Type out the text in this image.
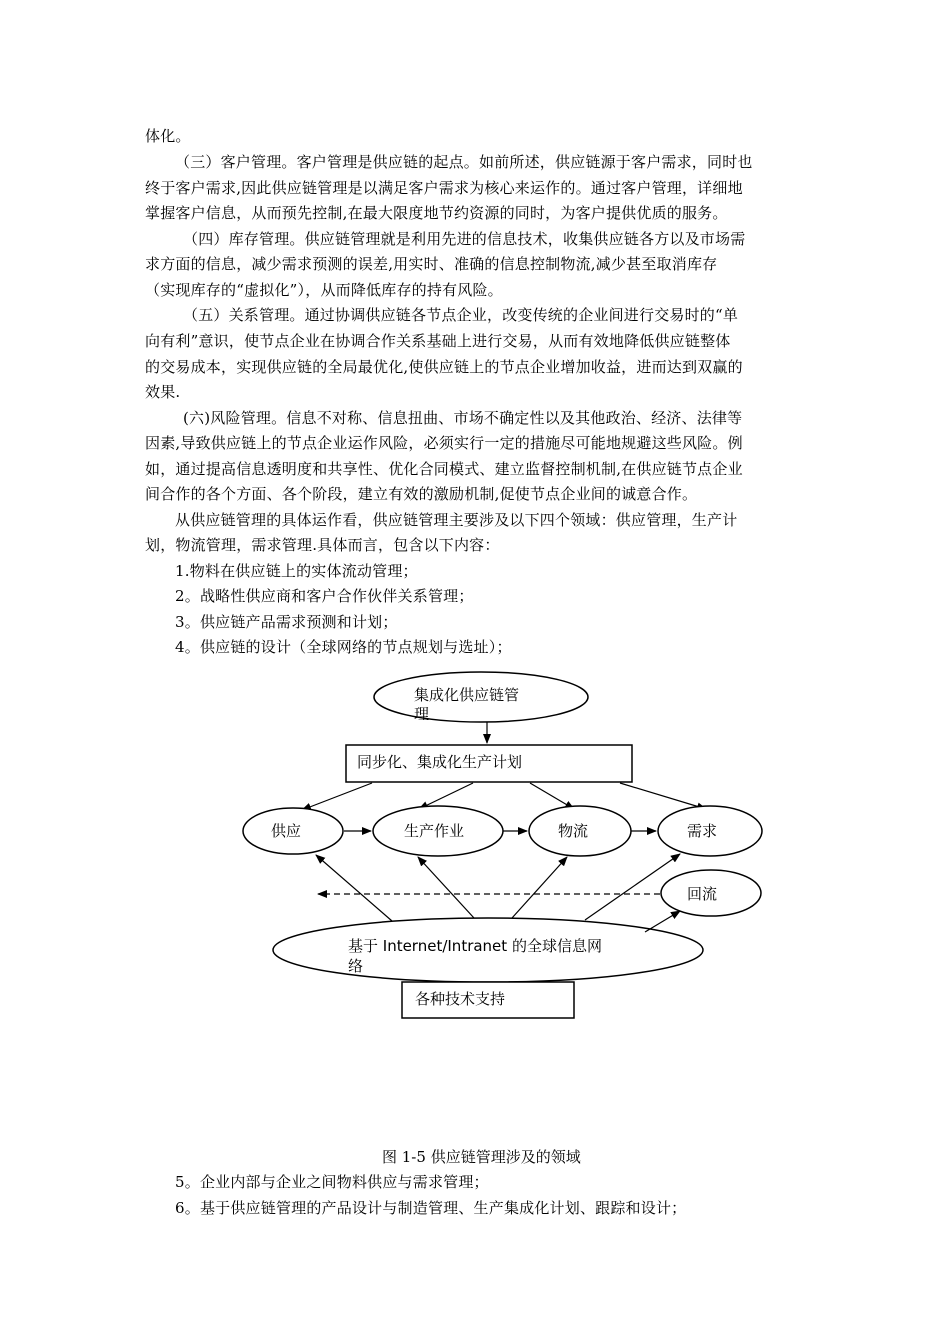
体化。
（三）客户管理。客户管理是供应链的起点。如前所述，供应链源于客户需求，同时也
终于客户需求,因此供应链管理是以满足客户需求为核心来运作的。通过客户管理，详细地
掌握客户信息，从而预先控制,在最大限度地节约资源的同时，为客户提供优质的服务。
（四）库存管理。供应链管理就是利用先进的信息技术，收集供应链各方以及市场需
求方面的信息，减少需求预测的误差,用实时、准确的信息控制物流,减少甚至取消库存
（实现库存的“虚拟化”），从而降低库存的持有风险。
（五）关系管理。通过协调供应链各节点企业，改变传统的企业间进行交易时的“单
向有利”意识，使节点企业在协调合作关系基础上进行交易，从而有效地降低供应链整体
的交易成本，实现供应链的全局最优化,使供应链上的节点企业增加收益，进而达到双赢的
效果.
(六)风险管理。信息不对称、信息扭曲、市场不确定性以及其他政治、经济、法律等
因素,导致供应链上的节点企业运作风险，必须实行一定的措施尽可能地规避这些风险。例
如，通过提高信息透明度和共享性、优化合同模式、建立监督控制机制,在供应链节点企业
间合作的各个方面、各个阶段，建立有效的激励机制,促使节点企业间的诚意合作。
从供应链管理的具体运作看，供应链管理主要涉及以下四个领域：供应管理，生产计
划，物流管理，需求管理.具体而言，包含以下内容：
1.物料在供应链上的实体流动管理；
2。战略性供应商和客户合作伙伴关系管理；
3。供应链产品需求预测和计划；
4。供应链的设计（全球网络的节点规划与选址）；
集成化供应链管
理
同步化、集成化生产计划
供应	生产作业	物流	需求
回流
基于 Internet/Intranet 的全球信息网
络
各种技术支持
图 1-5 供应链管理涉及的领域
5。企业内部与企业之间物料供应与需求管理；
6。基于供应链管理的产品设计与制造管理、生产集成化计划、跟踪和设计；
